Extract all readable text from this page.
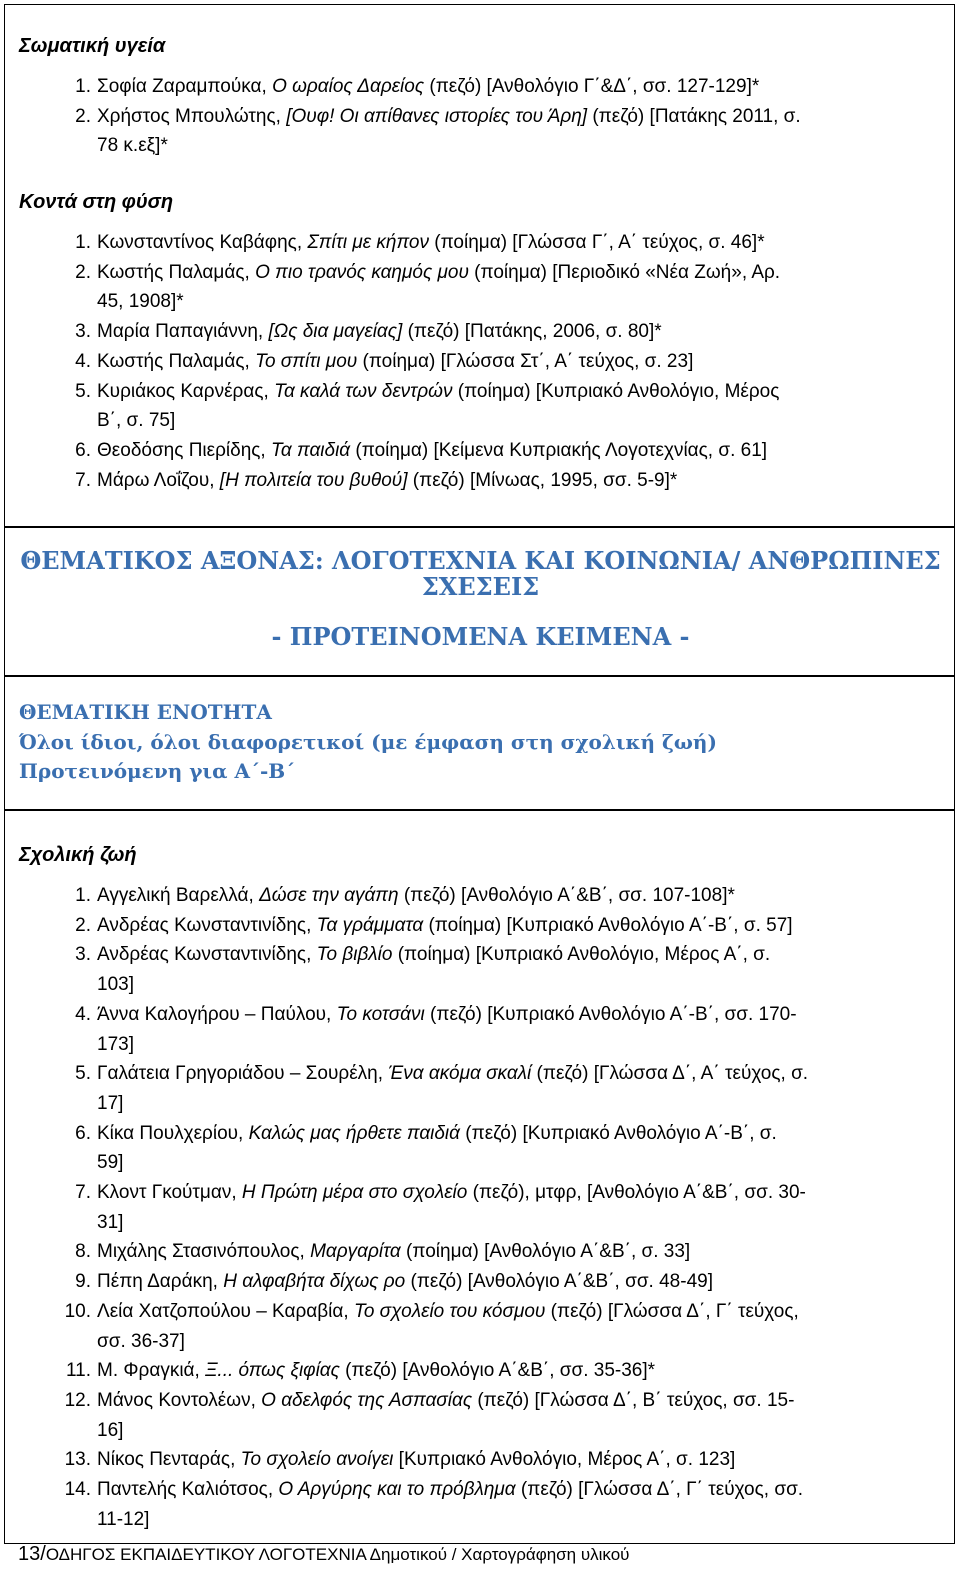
Σωματική υγεία
1. Σοφία Ζαραμπούκα, Ο ωραίος Δαρείος (πεζό) [Ανθολόγιο Γ΄&Δ΄, σσ. 127-129]*
2. Χρήστος Μπουλώτης, [Ουφ! Οι απίθανες ιστορίες του Άρη] (πεζό) [Πατάκης 2011, σ.
78 κ.εξ]*
Κοντά στη φύση
1. Κωνσταντίνος Καβάφης, Σπίτι με κήπον (ποίημα) [Γλώσσα Γ΄, Α΄ τεύχος, σ. 46]*
2. Κωστής Παλαμάς, Ο πιο τρανός καημός μου (ποίημα) [Περιοδικό «Νέα Ζωή», Αρ.
45, 1908]*
3. Μαρία Παπαγιάννη, [Ως δια μαγείας] (πεζό) [Πατάκης, 2006, σ. 80]*
4. Κωστής Παλαμάς, Το σπίτι μου (ποίημα) [Γλώσσα Στ΄, Α΄ τεύχος, σ. 23]
5. Κυριάκος Καρνέρας, Τα καλά των δεντρών (ποίημα) [Κυπριακό Ανθολόγιο, Μέρος
Β΄, σ. 75]
6. Θεοδόσης Πιερίδης, Τα παιδιά (ποίημα) [Κείμενα Κυπριακής Λογοτεχνίας, σ. 61]
7. Μάρω Λοΐζου, [Η πολιτεία του βυθού] (πεζό) [Μίνωας, 1995, σσ. 5-9]*
ΘΕΜΑΤΙΚΟΣ ΑΞΟΝΑΣ: ΛΟΓΟΤΕΧΝΙΑ ΚΑΙ ΚΟΙΝΩΝΙΑ/ ΑΝΘΡΩΠΙΝΕΣ
ΣΧΕΣΕΙΣ
- ΠΡΟΤΕΙΝΟΜΕΝΑ ΚΕΙΜΕΝΑ -
ΘΕΜΑΤΙΚΗ ΕΝΟΤΗΤΑ
Όλοι ίδιοι, όλοι διαφορετικοί (με έμφαση στη σχολική ζωή)
Προτεινόμενη για Α΄-Β΄
Σχολική ζωή
1. Αγγελική Βαρελλά, Δώσε την αγάπη (πεζό) [Ανθολόγιο Α΄&Β΄, σσ. 107-108]*
2. Ανδρέας Κωνσταντινίδης, Τα γράμματα (ποίημα) [Κυπριακό Ανθολόγιο Α΄-Β΄, σ. 57]
3. Ανδρέας Κωνσταντινίδης, Το βιβλίο (ποίημα) [Κυπριακό Ανθολόγιο, Μέρος Α΄, σ.
103]
4. Άννα Καλογήρου – Παύλου, Το κοτσάνι (πεζό) [Κυπριακό Ανθολόγιο Α΄-Β΄, σσ. 170-
173]
5. Γαλάτεια Γρηγοριάδου – Σουρέλη, Ένα ακόμα σκαλί (πεζό) [Γλώσσα Δ΄, Α΄ τεύχος, σ.
17]
6. Κίκα Πουλχερίου, Καλώς μας ήρθετε παιδιά (πεζό) [Κυπριακό Ανθολόγιο Α΄-Β΄, σ.
59]
7. Κλοντ Γκούτμαν, Η Πρώτη μέρα στο σχολείο (πεζό), μτφρ, [Ανθολόγιο Α΄&Β΄, σσ. 30-
31]
8. Μιχάλης Στασινόπουλος, Μαργαρίτα (ποίημα) [Ανθολόγιο Α΄&Β΄, σ. 33]
9. Πέπη Δαράκη, Η αλφαβήτα δίχως ρο (πεζό) [Ανθολόγιο Α΄&Β΄, σσ. 48-49]
10. Λεία Χατζοπούλου – Καραβία, Το σχολείο του κόσμου (πεζό) [Γλώσσα Δ΄, Γ΄ τεύχος,
σσ. 36-37]
11. Μ. Φραγκιά, Ξ... όπως ξιφίας (πεζό) [Ανθολόγιο Α΄&Β΄, σσ. 35-36]*
12. Μάνος Κοντολέων, Ο αδελφός της Ασπασίας (πεζό) [Γλώσσα Δ΄, Β΄ τεύχος, σσ. 15-
16]
13. Νίκος Πενταράς, Το σχολείο ανοίγει [Κυπριακό Ανθολόγιο, Μέρος Α΄, σ. 123]
14. Παντελής Καλιότσος, Ο Αργύρης και το πρόβλημα (πεζό) [Γλώσσα Δ΄, Γ΄ τεύχος, σσ.
11-12]
13/ΟΔΗΓΟΣ ΕΚΠΑΙΔΕΥΤΙΚΟΥ ΛΟΓΟΤΕΧΝΙΑ Δημοτικού / Χαρτογράφηση υλικού
